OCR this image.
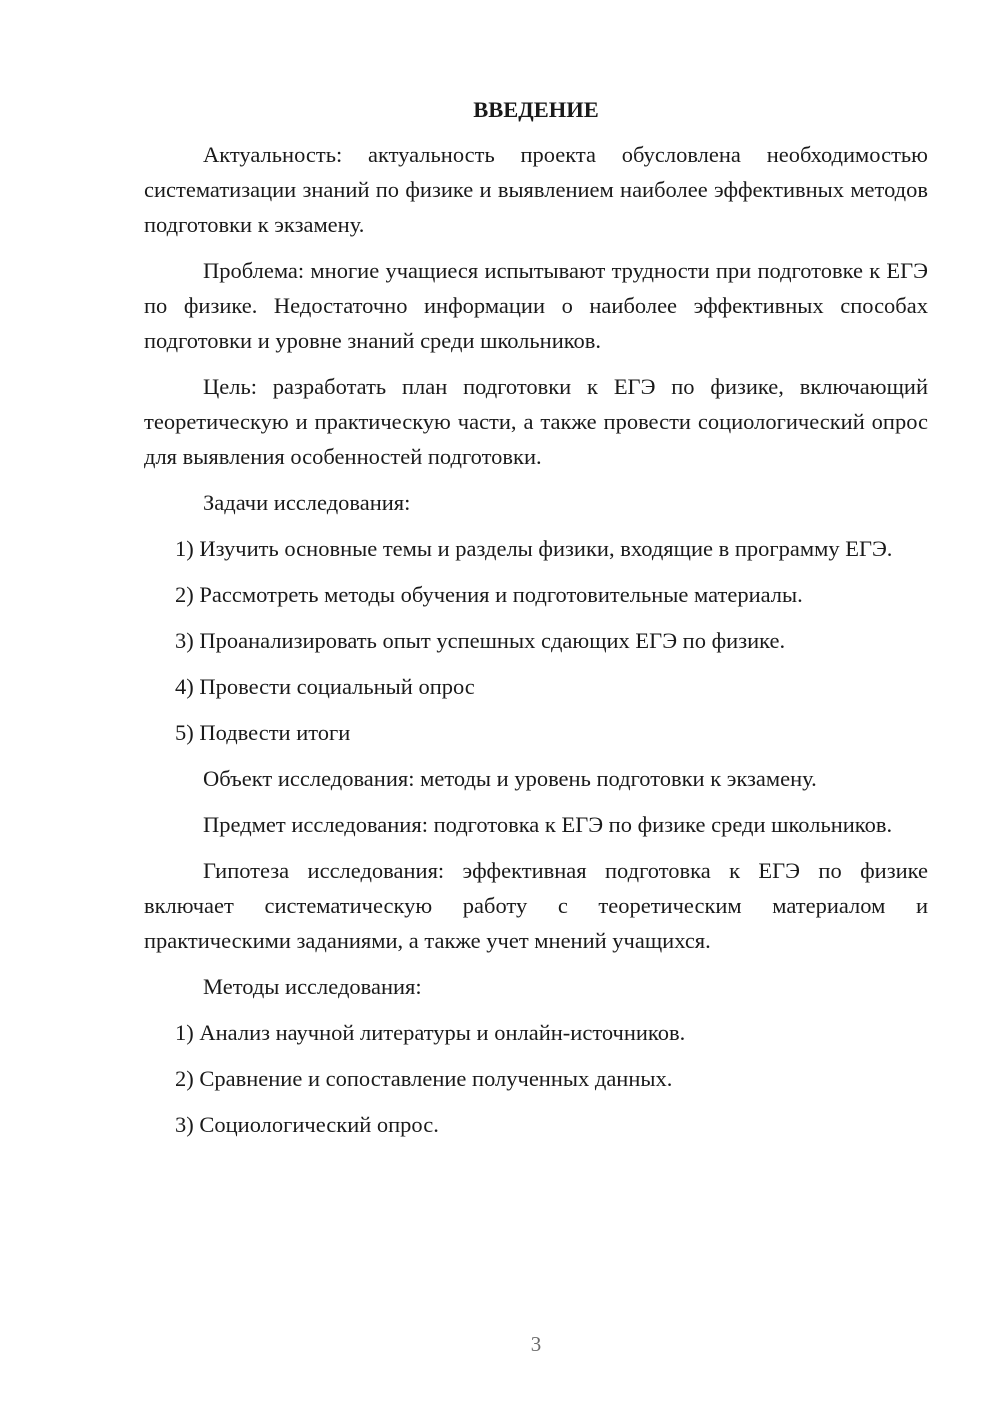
ВВЕДЕНИЕ

Актуальность: актуальность проекта обусловлена необходимостью систематизации знаний по физике и выявлением наиболее эффективных методов подготовки к экзамену.

Проблема: многие учащиеся испытывают трудности при подготовке к ЕГЭ по физике. Недостаточно информации о наиболее эффективных способах подготовки и уровне знаний среди школьников.

Цель: разработать план подготовки к ЕГЭ по физике, включающий теоретическую и практическую части, а также провести социологический опрос для выявления особенностей подготовки.

Задачи исследования:

1) Изучить основные темы и разделы физики, входящие в программу ЕГЭ.

2) Рассмотреть методы обучения и подготовительные материалы.

3) Проанализировать опыт успешных сдающих ЕГЭ по физике.

4) Провести социальный опрос

5) Подвести итоги

Объект исследования: методы и уровень подготовки к экзамену.

Предмет исследования: подготовка к ЕГЭ по физике среди школьников.

Гипотеза исследования: эффективная подготовка к ЕГЭ по физике включает систематическую работу с теоретическим материалом и практическими заданиями, а также учет мнений учащихся.

Методы исследования:

1) Анализ научной литературы и онлайн-источников.

2) Сравнение и сопоставление полученных данных.

3) Социологический опрос.

3
